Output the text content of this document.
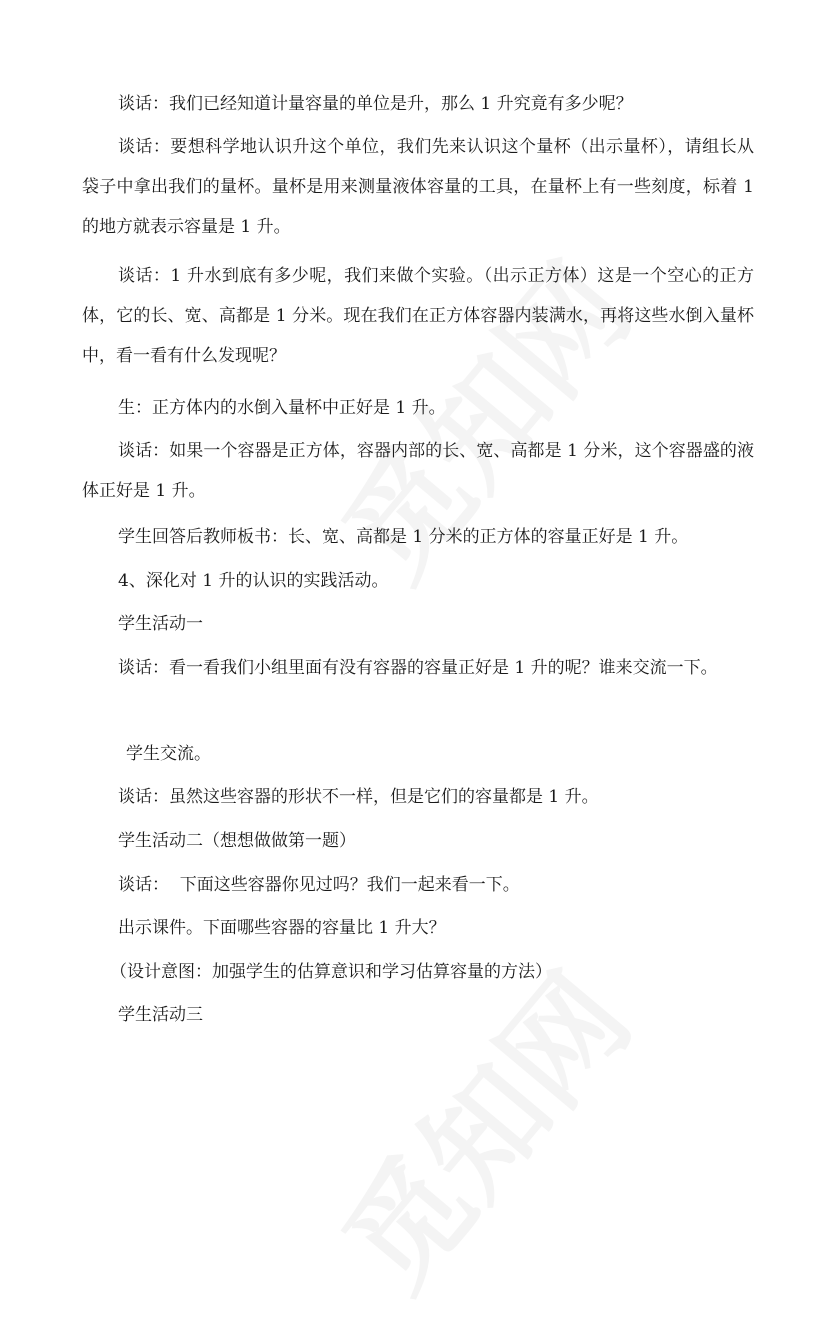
谈话：我们已经知道计量容量的单位是升，那么 1 升究竟有多少呢？

谈话：要想科学地认识升这个单位，我们先来认识这个量杯（出示量杯），请组长从袋子中拿出我们的量杯。量杯是用来测量液体容量的工具，在量杯上有一些刻度，标着 1 的地方就表示容量是 1 升。

谈话：1 升水到底有多少呢，我们来做个实验。（出示正方体）这是一个空心的正方体，它的长、宽、高都是 1 分米。现在我们在正方体容器内装满水，再将这些水倒入量杯中，看一看有什么发现呢？

生：正方体内的水倒入量杯中正好是 1 升。

谈话：如果一个容器是正方体，容器内部的长、宽、高都是 1 分米，这个容器盛的液体正好是 1 升。

学生回答后教师板书：长、宽、高都是 1 分米的正方体的容量正好是 1 升。

4、深化对 1 升的认识的实践活动。

学生活动一

谈话：看一看我们小组里面有没有容器的容量正好是 1 升的呢？谁来交流一下。

学生交流。

谈话：虽然这些容器的形状不一样，但是它们的容量都是 1 升。

学生活动二（想想做做第一题）

谈话：  下面这些容器你见过吗？我们一起来看一下。

出示课件。下面哪些容器的容量比 1 升大？

（设计意图：加强学生的估算意识和学习估算容量的方法）

学生活动三
